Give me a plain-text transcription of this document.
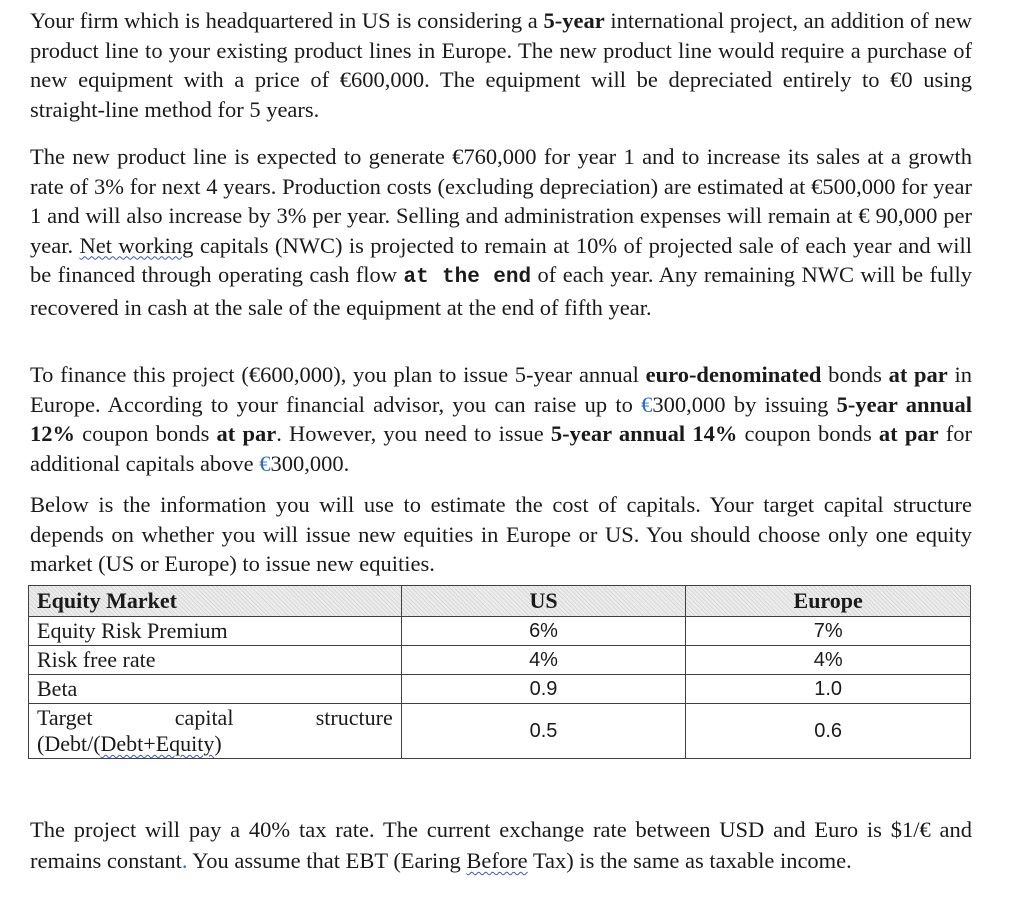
Your firm which is headquartered in US is considering a 5-year international project, an addition of new product line to your existing product lines in Europe. The new product line would require a purchase of new equipment with a price of €600,000. The equipment will be depreciated entirely to €0 using straight-line method for 5 years.

The new product line is expected to generate €760,000 for year 1 and to increase its sales at a growth rate of 3% for next 4 years. Production costs (excluding depreciation) are estimated at €500,000 for year 1 and will also increase by 3% per year. Selling and administration expenses will remain at € 90,000 per year. Net working capitals (NWC) is projected to remain at 10% of projected sale of each year and will be financed through operating cash flow at the end of each year. Any remaining NWC will be fully recovered in cash at the sale of the equipment at the end of fifth year.

To finance this project (€600,000), you plan to issue 5-year annual euro-denominated bonds at par in Europe. According to your financial advisor, you can raise up to €300,000 by issuing 5-year annual 12% coupon bonds at par. However, you need to issue 5-year annual 14% coupon bonds at par for additional capitals above €300,000.

Below is the information you will use to estimate the cost of capitals. Your target capital structure depends on whether you will issue new equities in Europe or US. You should choose only one equity market (US or Europe) to issue new equities.

The project will pay a 40% tax rate. The current exchange rate between USD and Euro is $1/€ and remains constant. You assume that EBT (Earing Before Tax) is the same as taxable income.

Equity Market	US	Europe
Equity Risk Premium	6%	7%
Risk free rate	4%	4%
Beta	0.9	1.0

Target capital structure
(Debt/(Debt+Equity)	0.5	0.6
